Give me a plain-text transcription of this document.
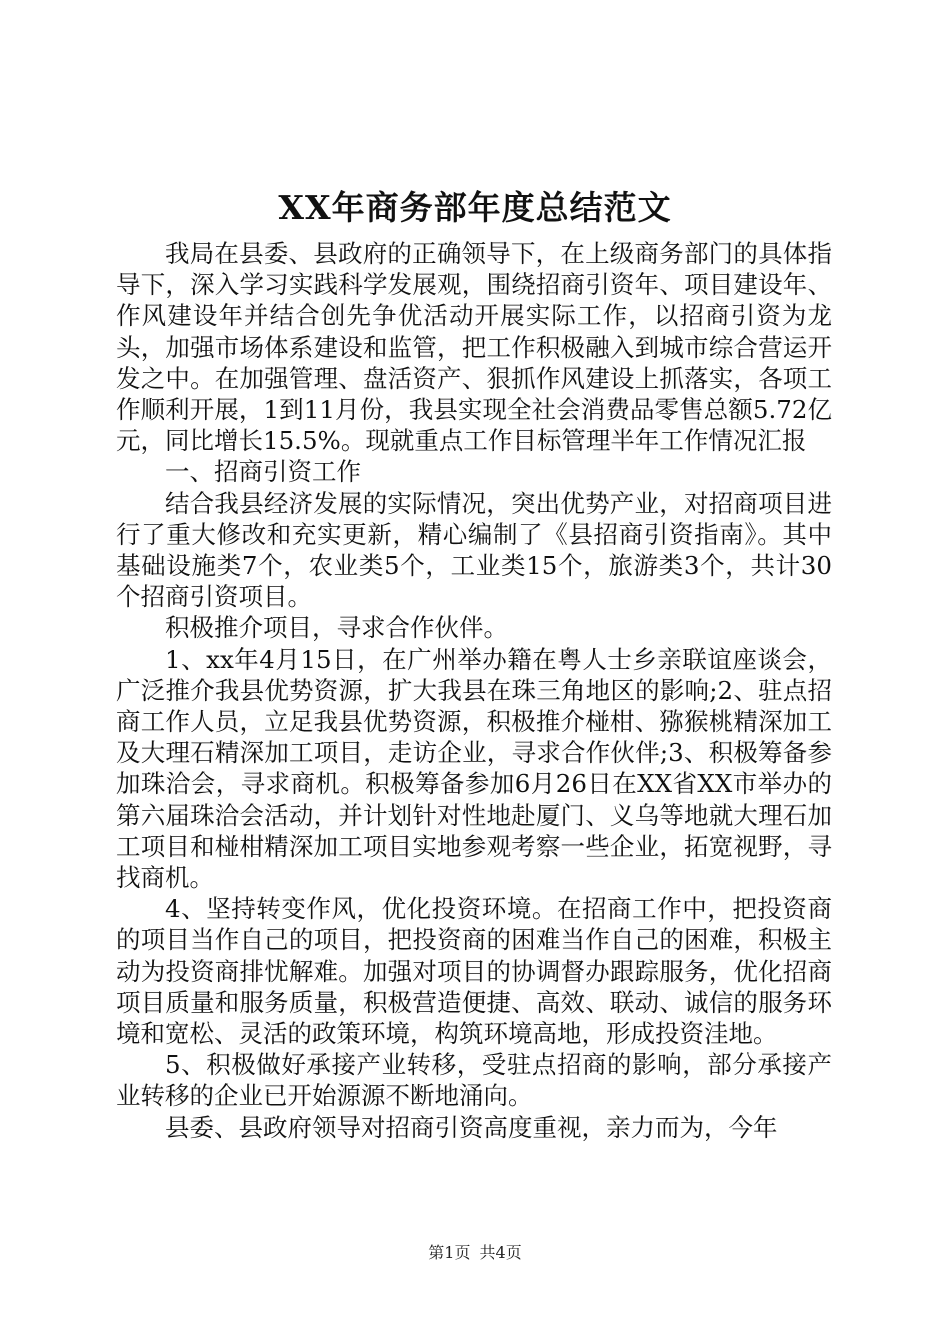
XX年商务部年度总结范文

我局在县委、县政府的正确领导下，在上级商务部门的具体指导下，深入学习实践科学发展观，围绕招商引资年、项目建设年、作风建设年并结合创先争优活动开展实际工作，以招商引资为龙头，加强市场体系建设和监管，把工作积极融入到城市综合营运开发之中。在加强管理、盘活资产、狠抓作风建设上抓落实，各项工作顺利开展，1到11月份，我县实现全社会消费品零售总额5.72亿元，同比增长15.5%。现就重点工作目标管理半年工作情况汇报

一、招商引资工作

结合我县经济发展的实际情况，突出优势产业，对招商项目进行了重大修改和充实更新，精心编制了《县招商引资指南》。其中基础设施类7个，农业类5个，工业类15个，旅游类3个，共计30个招商引资项目。

积极推介项目，寻求合作伙伴。

1、xx年4月15日，在广州举办籍在粤人士乡亲联谊座谈会，广泛推介我县优势资源，扩大我县在珠三角地区的影响;2、驻点招商工作人员，立足我县优势资源，积极推介椪柑、猕猴桃精深加工及大理石精深加工项目，走访企业，寻求合作伙伴;3、积极筹备参加珠洽会，寻求商机。积极筹备参加6月26日在XX省XX市举办的第六届珠洽会活动，并计划针对性地赴厦门、义乌等地就大理石加工项目和椪柑精深加工项目实地参观考察一些企业，拓宽视野，寻找商机。

4、坚持转变作风，优化投资环境。在招商工作中，把投资商的项目当作自己的项目，把投资商的困难当作自己的困难，积极主动为投资商排忧解难。加强对项目的协调督办跟踪服务，优化招商项目质量和服务质量，积极营造便捷、高效、联动、诚信的服务环境和宽松、灵活的政策环境，构筑环境高地，形成投资洼地。

5、积极做好承接产业转移，受驻点招商的影响，部分承接产业转移的企业已开始源源不断地涌向。

县委、县政府领导对招商引资高度重视，亲力而为，今年

第1页 共4页
